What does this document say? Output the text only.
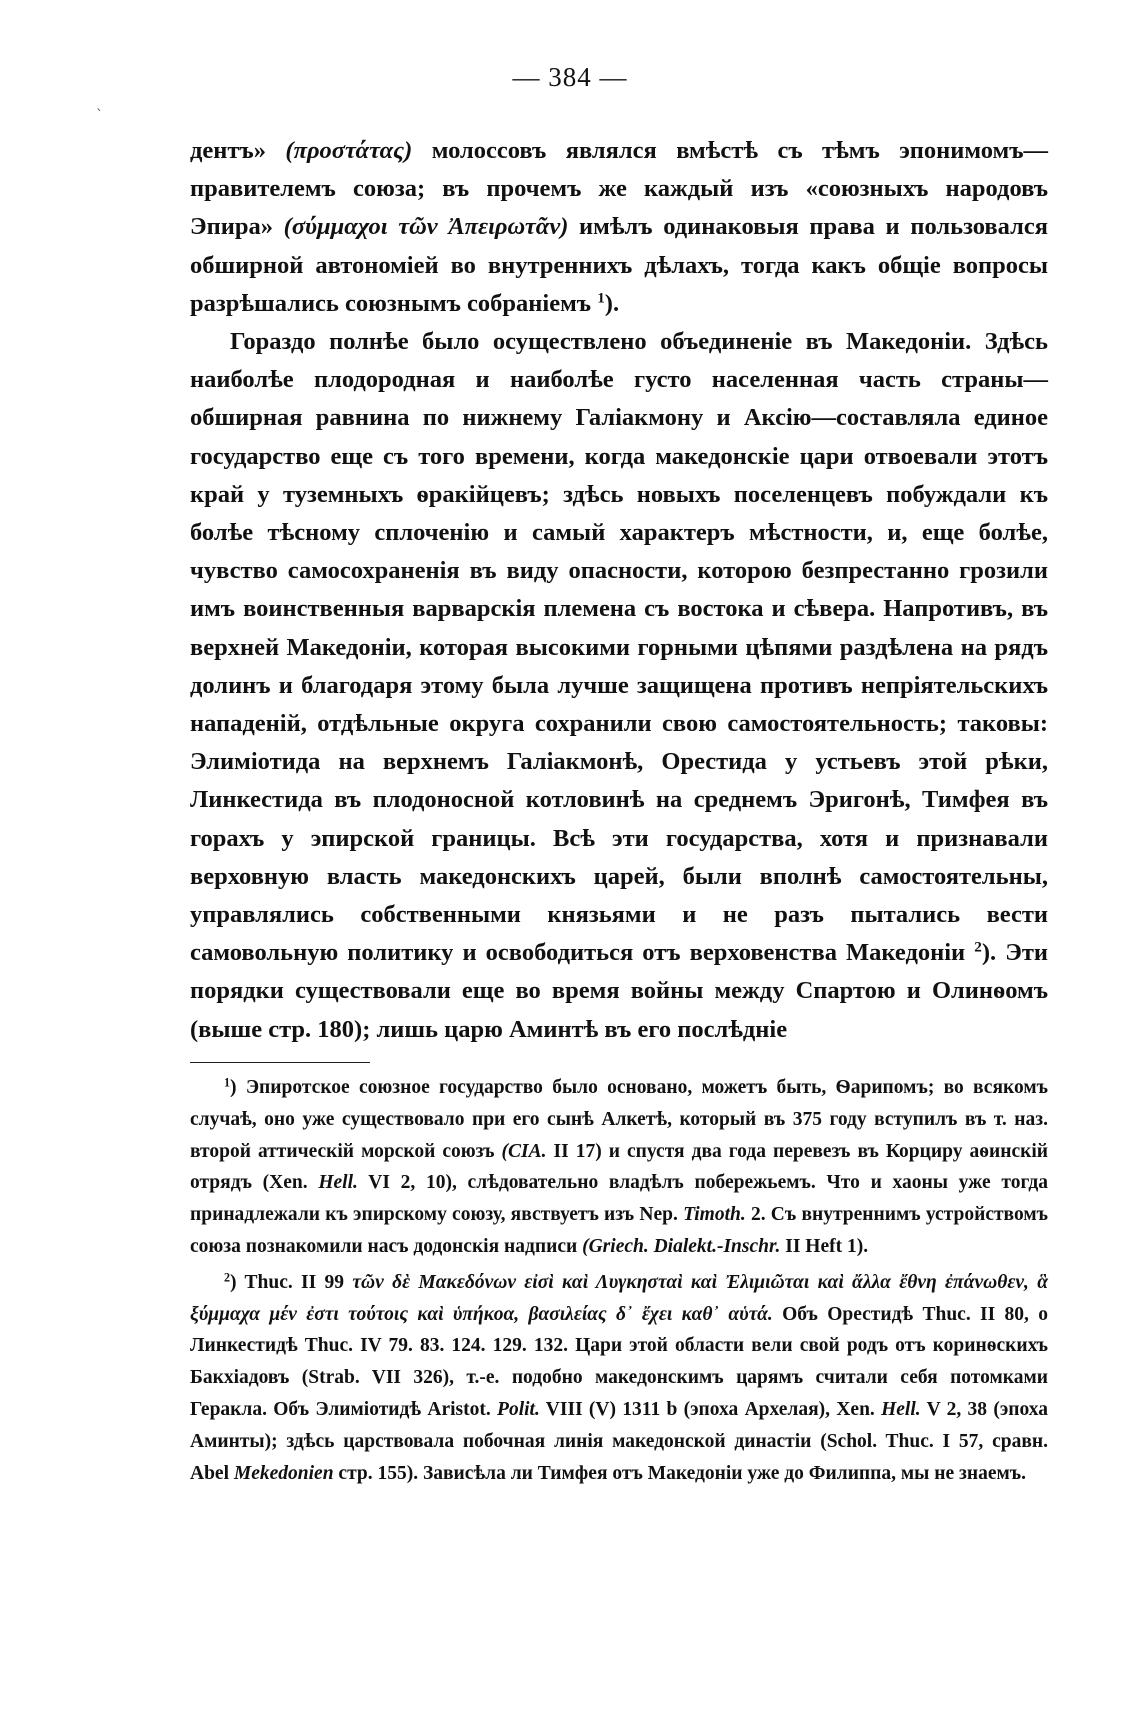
`
— 384 —

дентъ» (προστάτας) молоссовъ являлся вмѣстѣ съ тѣмъ эпонимомъ—правителемъ союза; въ прочемъ же каждый изъ «союзныхъ народовъ Эпира» (σύμμαχοι τῶν Ἀπειρωτᾶν) имѣлъ одинаковыя права и пользовался обширной автономіей во внутреннихъ дѣлахъ, тогда какъ общіе вопросы разрѣшались союзнымъ собраніемъ $^1$).

Гораздо полнѣе было осуществлено объединеніе въ Македоніи. Здѣсь наиболѣе плодородная и наиболѣе густо населенная часть страны—обширная равнина по нижнему Галіакмону и Аксію—составляла единое государство еще съ того времени, когда македонскіе цари отвоевали этотъ край у туземныхъ ѳракійцевъ; здѣсь новыхъ поселенцевъ побуждали къ болѣе тѣсному сплоченію и самый характеръ мѣстности, и, еще болѣе, чувство самосохраненія въ виду опасности, которою безпрестанно грозили имъ воинственныя варварскія племена съ востока и сѣвера. Напротивъ, въ верхней Македоніи, которая высокими горными цѣпями раздѣлена на рядъ долинъ и благодаря этому была лучше защищена противъ непріятельскихъ нападеній, отдѣльные округа сохранили свою самостоятельность; таковы: Элиміотида на верхнемъ Галіакмонѣ, Орестида у устьевъ этой рѣки, Линкестида въ плодоносной котловинѣ на среднемъ Эригонѣ, Тимфея въ горахъ у эпирской границы. Всѣ эти государства, хотя и признавали верховную власть македонскихъ царей, были вполнѣ самостоятельны, управлялись собственными князьями и не разъ пытались вести самовольную политику и освободиться отъ верховенства Македоніи $^2$). Эти порядки существовали еще во время войны между Спартою и Олинѳомъ (выше стр. 180); лишь царю Аминтѣ въ его послѣдніе

$^1$) Эпиротское союзное государство было основано, можетъ быть, Ѳарипомъ; во всякомъ случаѣ, оно уже существовало при его сынѣ Алкетѣ, который въ 375 году вступилъ въ т. наз. второй аттическій морской союзъ (CIA. II 17) и спустя два года перевезъ въ Корциру аѳинскій отрядъ (Xen. Hell. VI 2, 10), слѣдовательно владѣлъ побережьемъ. Что и хаоны уже тогда принадлежали къ эпирскому союзу, явствуетъ изъ Nep. Timoth. 2. Съ внутреннимъ устройствомъ союза познакомили насъ додонскія надписи (Griech. Dialekt.-Inschr. II Heft 1).

$^2$) Thuc. II 99 τῶν δὲ Μακεδόνων εἰσὶ καὶ Λυγκησταὶ καὶ Ἐλιμιῶται καὶ ἄλλα ἔθνη ἐπάνωθεν, ἃ ξύμμαχα μέν ἐστι τούτοις καὶ ὑπήκοα, βασιλείας δ᾽ ἔχει καθ᾽ αὑτά. Объ Орестидѣ Thuc. II 80, о Линкестидѣ Thuc. IV 79. 83. 124. 129. 132. Цари этой области вели свой родъ отъ коринѳскихъ Бакхіадовъ (Strab. VII 326), т.-е. подобно македонскимъ царямъ считали себя потомками Геракла. Объ Элиміотидѣ Aristot. Polit. VIII (V) 1311 b (эпоха Архелая), Xen. Hell. V 2, 38 (эпоха Аминты); здѣсь царствовала побочная линія македонской династіи (Schol. Thuc. I 57, сравн. Abel Mekedonien стр. 155). Зависѣла ли Тимфея отъ Македоніи уже до Филиппа, мы не знаемъ.
